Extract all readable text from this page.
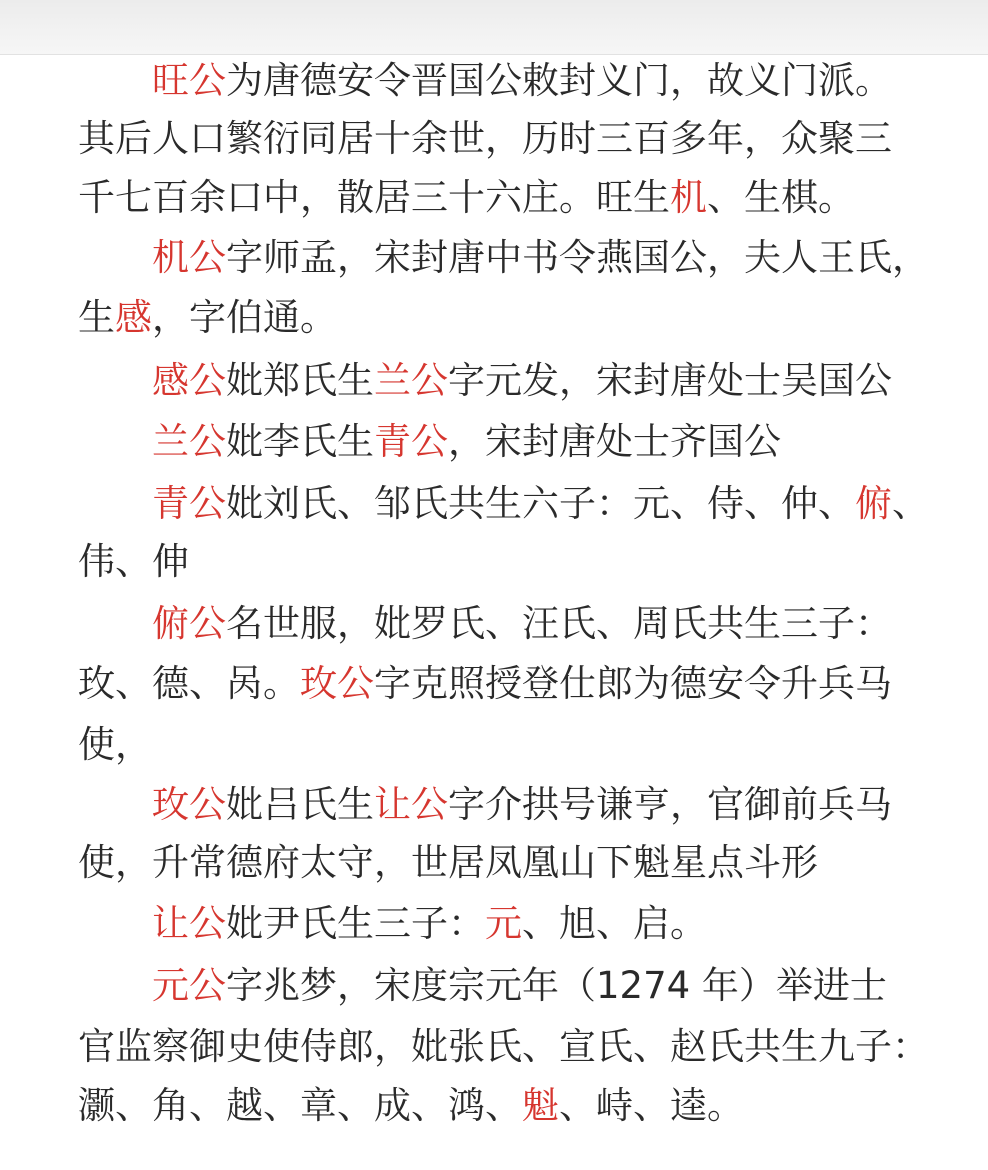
旺公为唐德安令晋国公敕封义门，故义门派。
其后人口繁衍同居十余世，历时三百多年，众聚三
千七百余口中，散居三十六庄。旺生机、生棋。
机公字师孟，宋封唐中书令燕国公，夫人王氏，
生感，字伯通。
感公妣郑氏生兰公字元发，宋封唐处士吴国公
兰公妣李氏生青公，宋封唐处士齐国公
青公妣刘氏、邹氏共生六子：元、侍、仲、俯、
伟、伸
俯公名世服，妣罗氏、汪氏、周氏共生三子：
玫、德、呙。玫公字克照授登仕郎为德安令升兵马
使，
玫公妣吕氏生让公字介拱号谦亨，官御前兵马
使，升常德府太守，世居凤凰山下魁星点斗形
让公妣尹氏生三子：元、旭、启。
元公字兆梦，宋度宗元年（1274 年）举进士
官监察御史使侍郎，妣张氏、宣氏、赵氏共生九子：
灏、角、越、章、成、鸿、魁、峙、逵。
